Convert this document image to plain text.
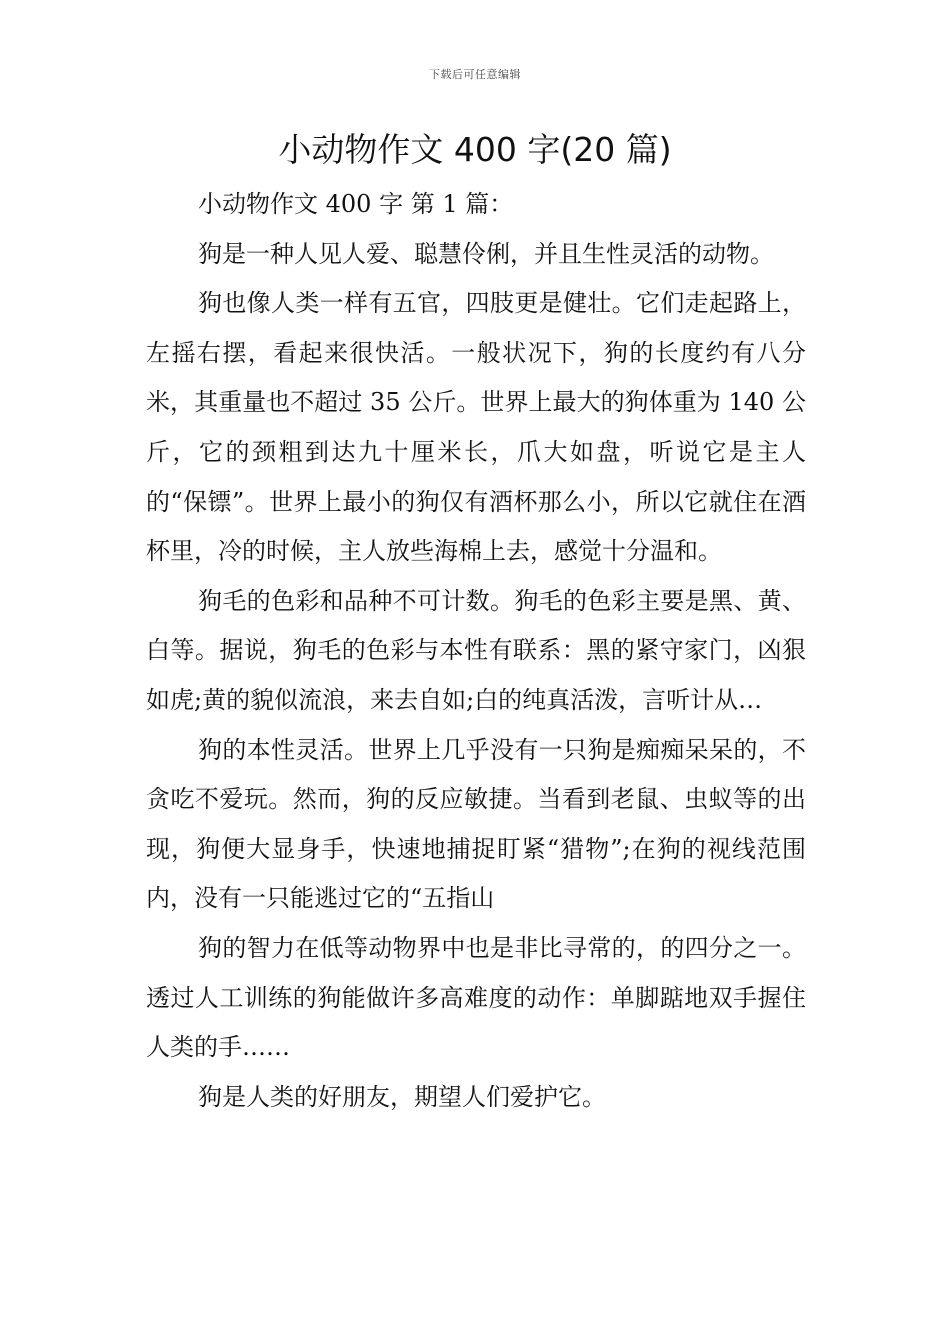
下载后可任意编辑
小动物作文 400 字(20 篇)

小动物作文 400 字 第 1 篇：

狗是一种人见人爱、聪慧伶俐，并且生性灵活的动物。

狗也像人类一样有五官，四肢更是健壮。它们走起路上，左摇右摆，看起来很快活。一般状况下，狗的长度约有八分米，其重量也不超过 35 公斤。世界上最大的狗体重为 140 公斤，它的颈粗到达九十厘米长，爪大如盘，听说它是主人的“保镖”。世界上最小的狗仅有酒杯那么小，所以它就住在酒杯里，冷的时候，主人放些海棉上去，感觉十分温和。

狗毛的色彩和品种不可计数。狗毛的色彩主要是黑、黄、白等。据说，狗毛的色彩与本性有联系：黑的紧守家门，凶狠如虎;黄的貌似流浪，来去自如;白的纯真活泼，言听计从…

狗的本性灵活。世界上几乎没有一只狗是痴痴呆呆的，不贪吃不爱玩。然而，狗的反应敏捷。当看到老鼠、虫蚁等的出现，狗便大显身手，快速地捕捉盯紧“猎物”;在狗的视线范围内，没有一只能逃过它的“五指山

狗的智力在低等动物界中也是非比寻常的，的四分之一。透过人工训练的狗能做许多高难度的动作：单脚踮地双手握住人类的手……

狗是人类的好朋友，期望人们爱护它。
